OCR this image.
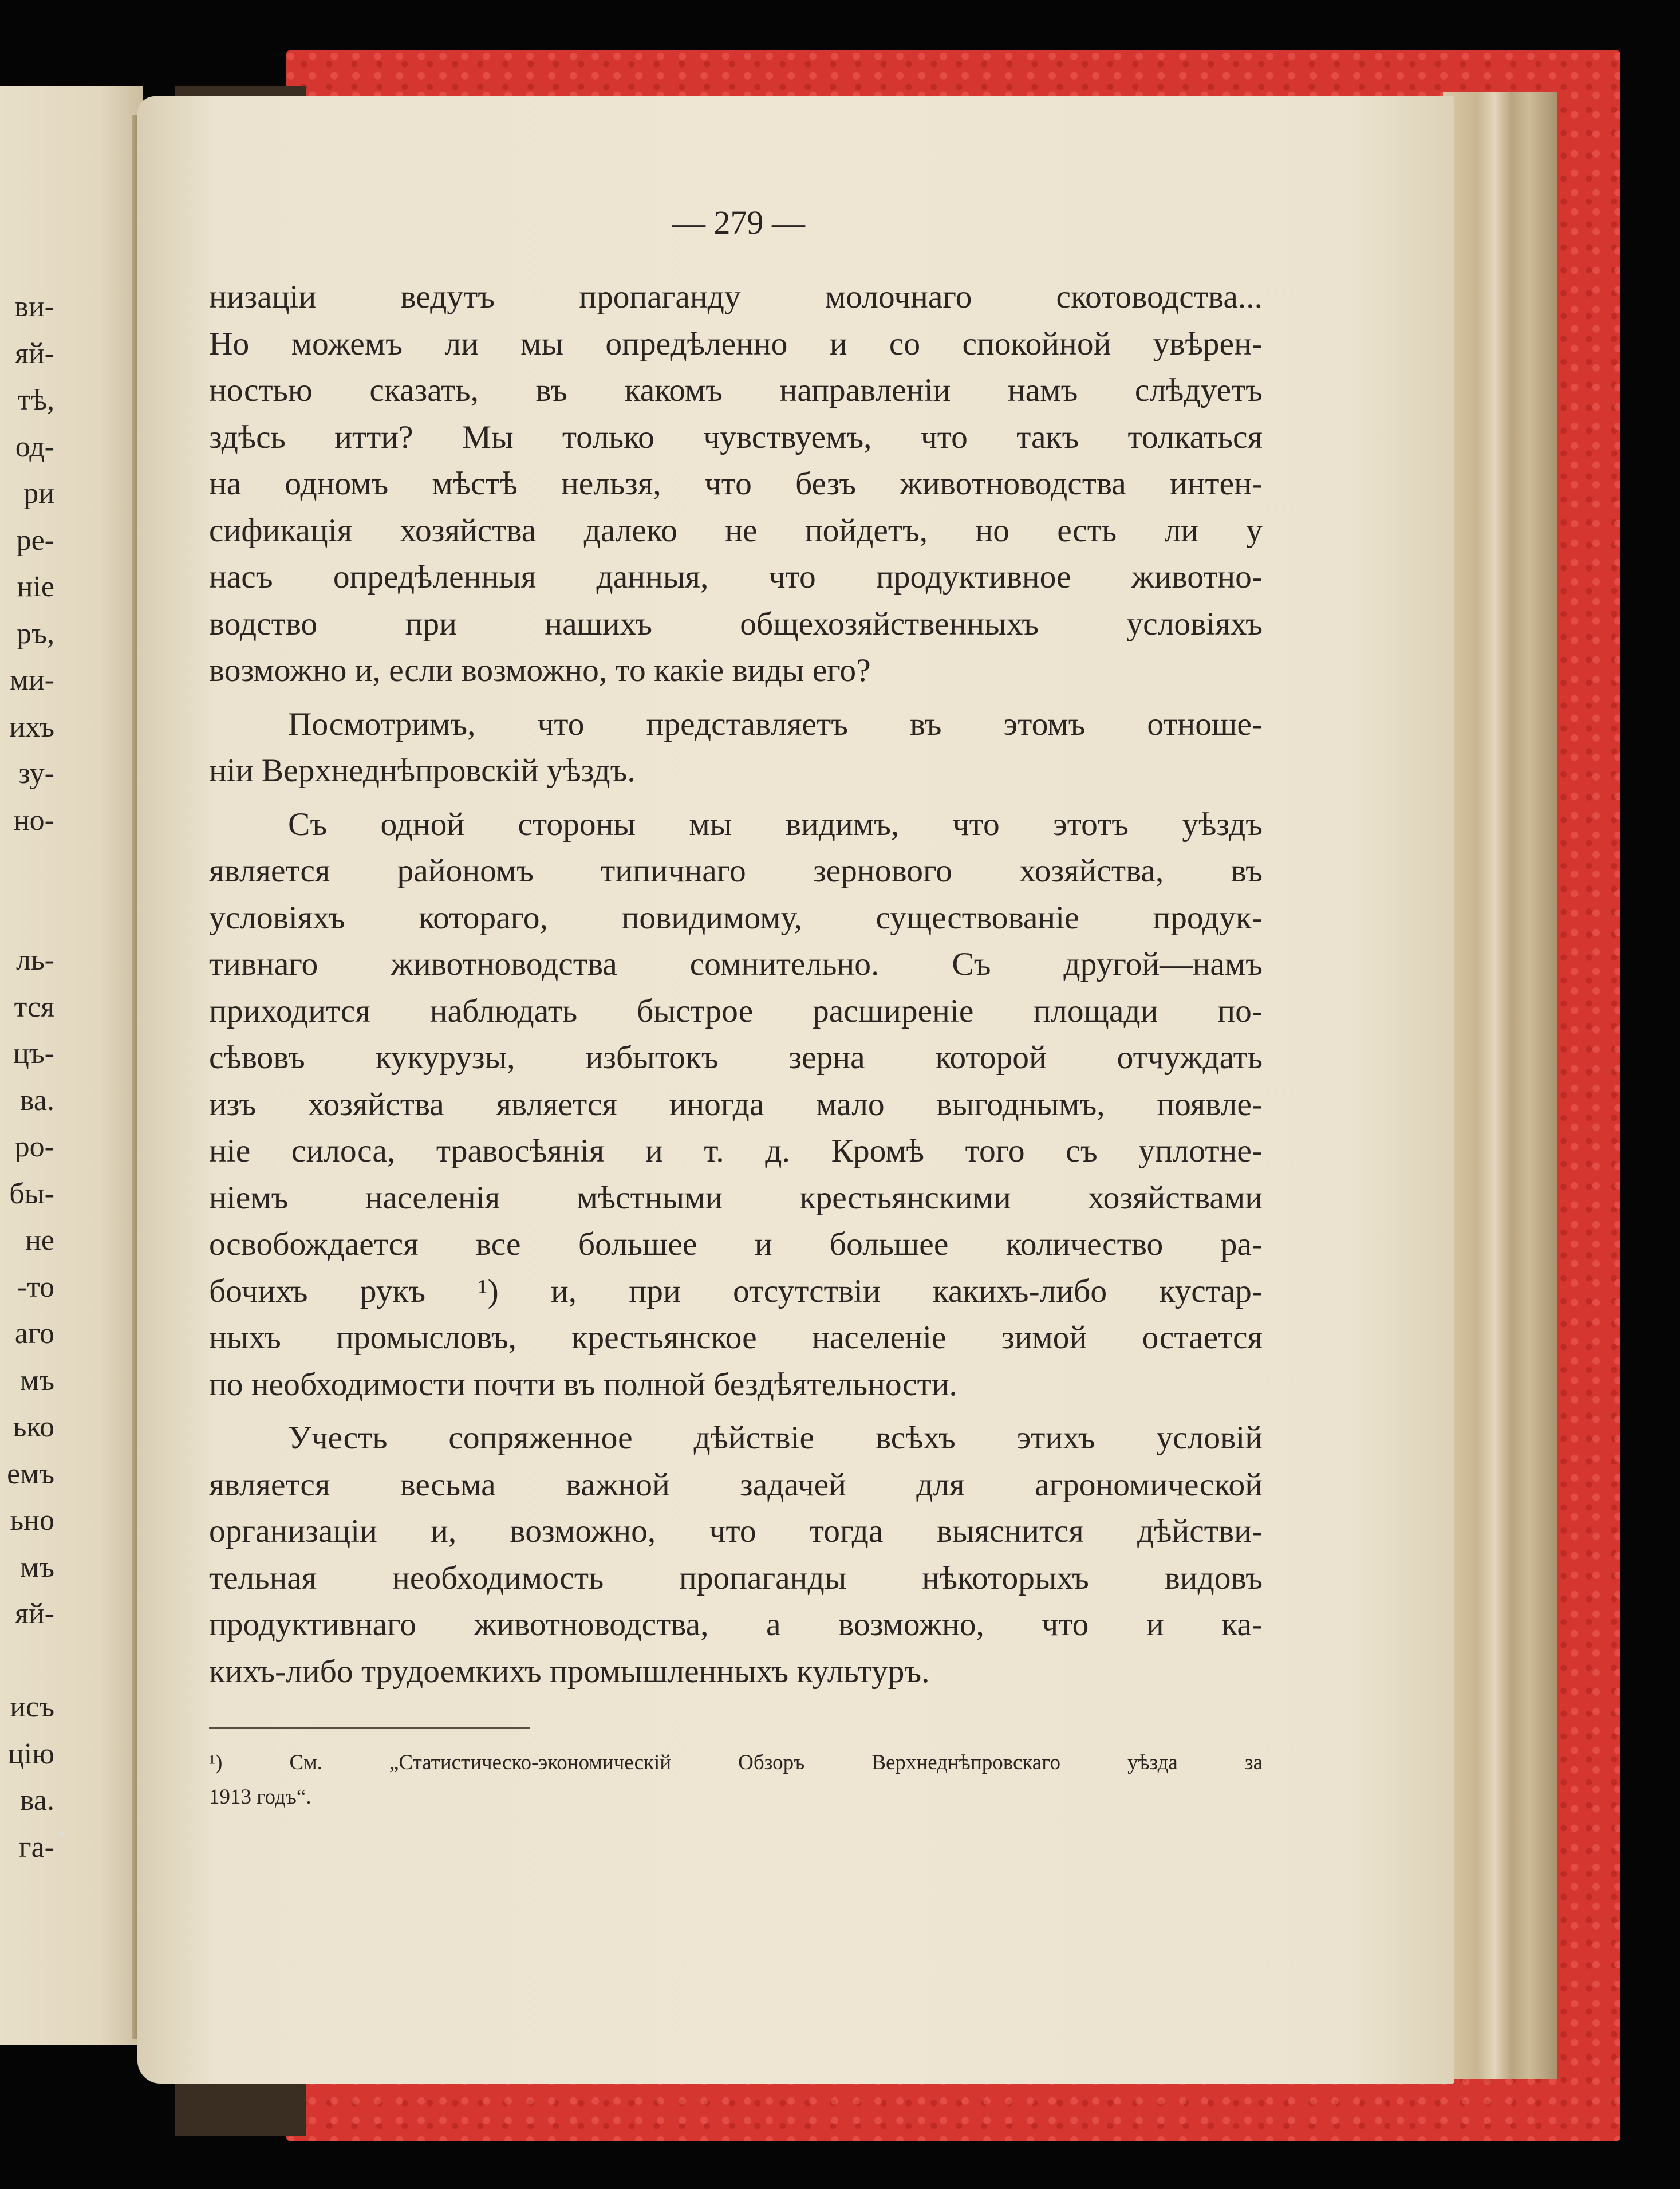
ви-
яй-
тѣ,
од-
ри
ре-
ніе
ръ,
ми-
ихъ
зу-
но-
ль-
тся
цъ-
ва.
ро-
бы-
не
-то
аго
мъ
ько
емъ
ьно
мъ
яй-
исъ
цію
ва.
га-
— 279 —
низаціи ведутъ пропаганду молочнаго скотоводства...
Но можемъ ли мы опредѣленно и со спокойной увѣрен-
ностью сказать, въ какомъ направленіи намъ слѣдуетъ
здѣсь итти? Мы только чувствуемъ, что такъ толкаться
на одномъ мѣстѣ нельзя, что безъ животноводства интен-
сификація хозяйства далеко не пойдетъ, но есть ли у
насъ опредѣленныя данныя, что продуктивное животно-
водство при нашихъ общехозяйственныхъ условіяхъ
возможно и, если возможно, то какіе виды его?
Посмотримъ, что представляетъ въ этомъ отноше-
ніи Верхнеднѣпровскій уѣздъ.
Съ одной стороны мы видимъ, что этотъ уѣздъ
является райономъ типичнаго зернового хозяйства, въ
условіяхъ котораго, повидимому, существованіе продук-
тивнаго животноводства сомнительно. Съ другой—намъ
приходится наблюдать быстрое расширеніе площади по-
сѣвовъ кукурузы, избытокъ зерна которой отчуждать
изъ хозяйства является иногда мало выгоднымъ, появле-
ніе силоса, травосѣянія и т. д. Кромѣ того съ уплотне-
ніемъ населенія мѣстными крестьянскими хозяйствами
освобождается все большее и большее количество ра-
бочихъ рукъ ¹) и, при отсутствіи какихъ-либо кустар-
ныхъ промысловъ, крестьянское населеніе зимой остается
по необходимости почти въ полной бездѣятельности.
Учесть сопряженное дѣйствіе всѣхъ этихъ условій
является весьма важной задачей для агрономической
организаціи и, возможно, что тогда выяснится дѣйстви-
тельная необходимость пропаганды нѣкоторыхъ видовъ
продуктивнаго животноводства, а возможно, что и ка-
кихъ-либо трудоемкихъ промышленныхъ культуръ.
¹) См. „Статистическо-экономическій Обзоръ Верхнеднѣпровскаго уѣзда за
1913 годъ“.
